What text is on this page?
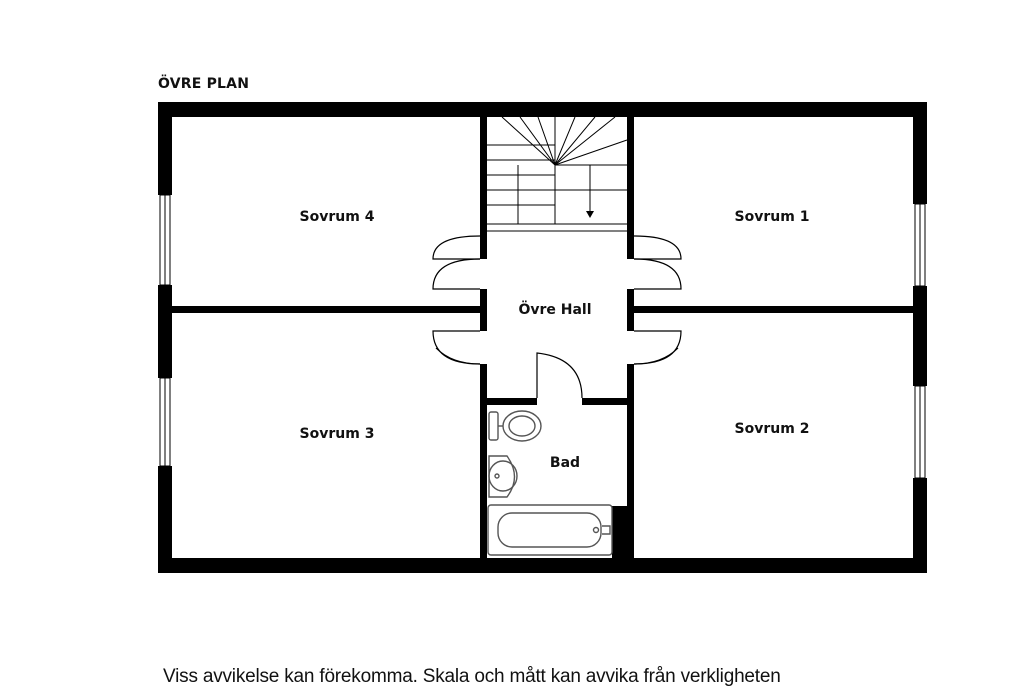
ÖVRE PLAN
Sovrum 4	Sovrum 1
Övre Hall
Sovrum 3
Bad
Sovrum 2
Viss avvikelse kan förekomma. Skala och mått kan avvika från verkligheten
